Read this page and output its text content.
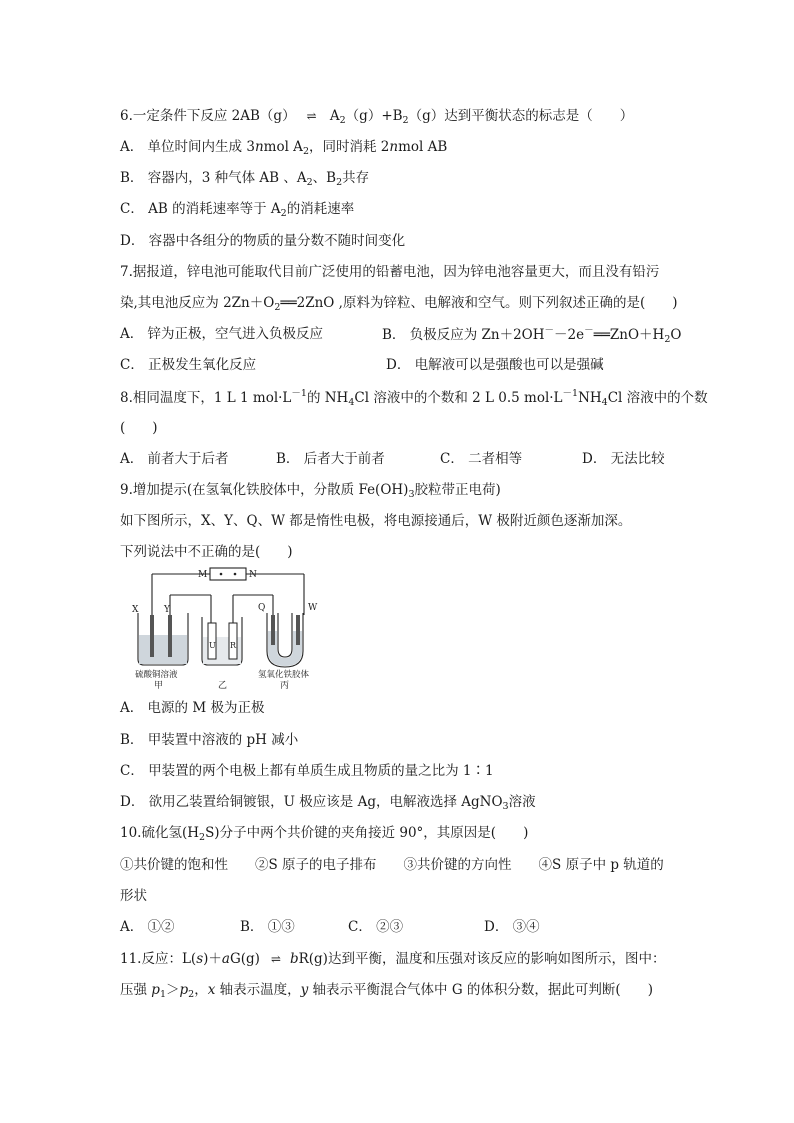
6.一定条件下反应 2AB（g） ⇌ $A_2(g)+B_2(g)$达到平衡状态的标志是（　　）
A． 单位时间内生成 3nmol $A_2$，同时消耗 2nmol AB
B． 容器内，3 种气体 AB 、$A_2$、$B_2$共存
C． AB 的消耗速率等于 $A_2$的消耗速率
D． 容器中各组分的物质的量分数不随时间变化
7.据报道，锌电池可能取代目前广泛使用的铅蓄电池，因为锌电池容量更大，而且没有铅污
染,其电池反应为 $2Zn+O_2══2ZnO$ ,原料为锌粒、电解液和空气。则下列叙述正确的是(　　)
A． 锌为正极，空气进入负极反应	B． 负极反应为 $Zn+2OH^--2e^-══ZnO+H_2O$
C． 正极发生氧化反应	D． 电解液可以是强酸也可以是强碱
8.相同温度下，1 L 1 $mol\cdot L^{-1}$的 $NH_4Cl$ 溶液中的个数和 2 L 0.5 $mol\cdot L^{-1}NH_4Cl$ 溶液中的个数
(　　)
A． 前者大于后者	B． 后者大于前者	C． 二者相等	D． 无法比较
9.增加提示(在氢氧化铁胶体中，分散质 $Fe(OH)_3$胶粒带正电荷)
如下图所示，X、Y、Q、W 都是惰性电极，将电源接通后，W 极附近颜色逐渐加深。
下列说法中不正确的是(　　)
M	N
X	Y	Q	W
U R
硫酸铜溶液	氢氧化铁胶体
甲	乙	丙
A． 电源的 M 极为正极
B． 甲装置中溶液的 pH 减小
C． 甲装置的两个电极上都有单质生成且物质的量之比为 1∶1
D． 欲用乙装置给铜镀银，U 极应该是 Ag，电解液选择 AgNO$_3$溶液
10.硫化氢$(H_2S)$分子中两个共价键的夹角接近 90°，其原因是(　　)
①共价键的饱和性　　②S 原子的电子排布　　③共价键的方向性　　④S 原子中 p 轨道的
形状
A． ①②	B． ①③	C． ②③	D． ③④
11.反应：L(s)＋aG(g) ⇌ bR(g)达到平衡，温度和压强对该反应的影响如图所示，图中：
压强 $p_1>p_2$，x 轴表示温度，y 轴表示平衡混合气体中 G 的体积分数，据此可判断(　　)
